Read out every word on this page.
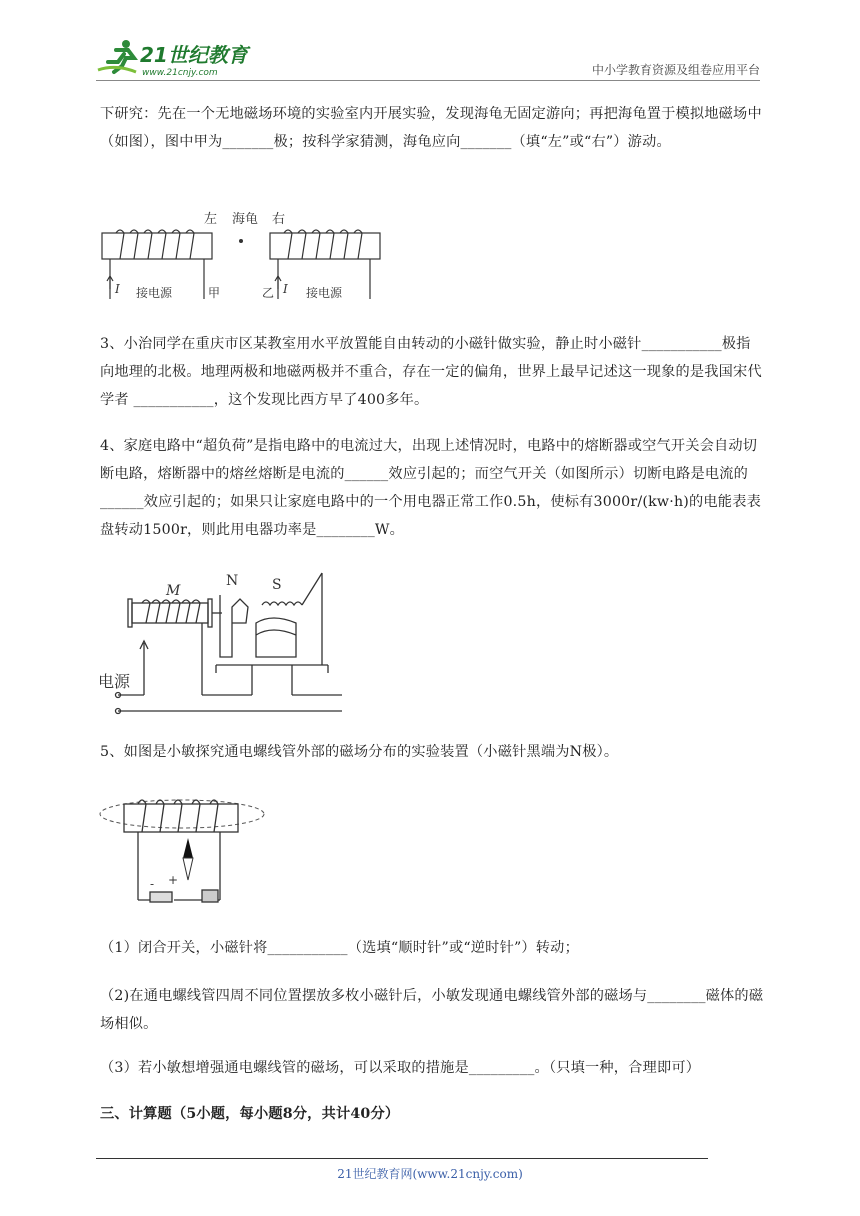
21世纪教育
www.21cnjy.com	中小学教育资源及组卷应用平台

下研究：先在一个无地磁场环境的实验室内开展实验，发现海龟无固定游向；再把海龟置于模拟地磁场中（如图），图中甲为_______极；按科学家猜测，海龟应向_______（填“左”或“右”）游动。

左 海龟 右
I 接电源	甲	乙 I 接电源

3、小治同学在重庆市区某教室用水平放置能自由转动的小磁针做实验，静止时小磁针___________极指向地理的北极。地理两极和地磁两极并不重合，存在一定的偏角，世界上最早记述这一现象的是我国宋代学者 ___________，这个发现比西方早了400多年。

4、家庭电路中“超负荷”是指电路中的电流过大，出现上述情况时，电路中的熔断器或空气开关会自动切断电路，熔断器中的熔丝熔断是电流的______效应引起的；而空气开关（如图所示）切断电路是电流的______效应引起的；如果只让家庭电路中的一个用电器正常工作0.5h，使标有3000r/(kw·h)的电能表表盘转动1500r，则此用电器功率是________W。

M
N S
电源

5、如图是小敏探究通电螺线管外部的磁场分布的实验装置（小磁针黑端为N极）。

- +

（1）闭合开关，小磁针将___________（选填“顺时针”或“逆时针”）转动；

（2)在通电螺线管四周不同位置摆放多枚小磁针后，小敏发现通电螺线管外部的磁场与________磁体的磁场相似。

（3）若小敏想增强通电螺线管的磁场，可以采取的措施是_________。（只填一种，合理即可）

三、计算题（5小题，每小题8分，共计40分）

21世纪教育网(www.21cnjy.com)
